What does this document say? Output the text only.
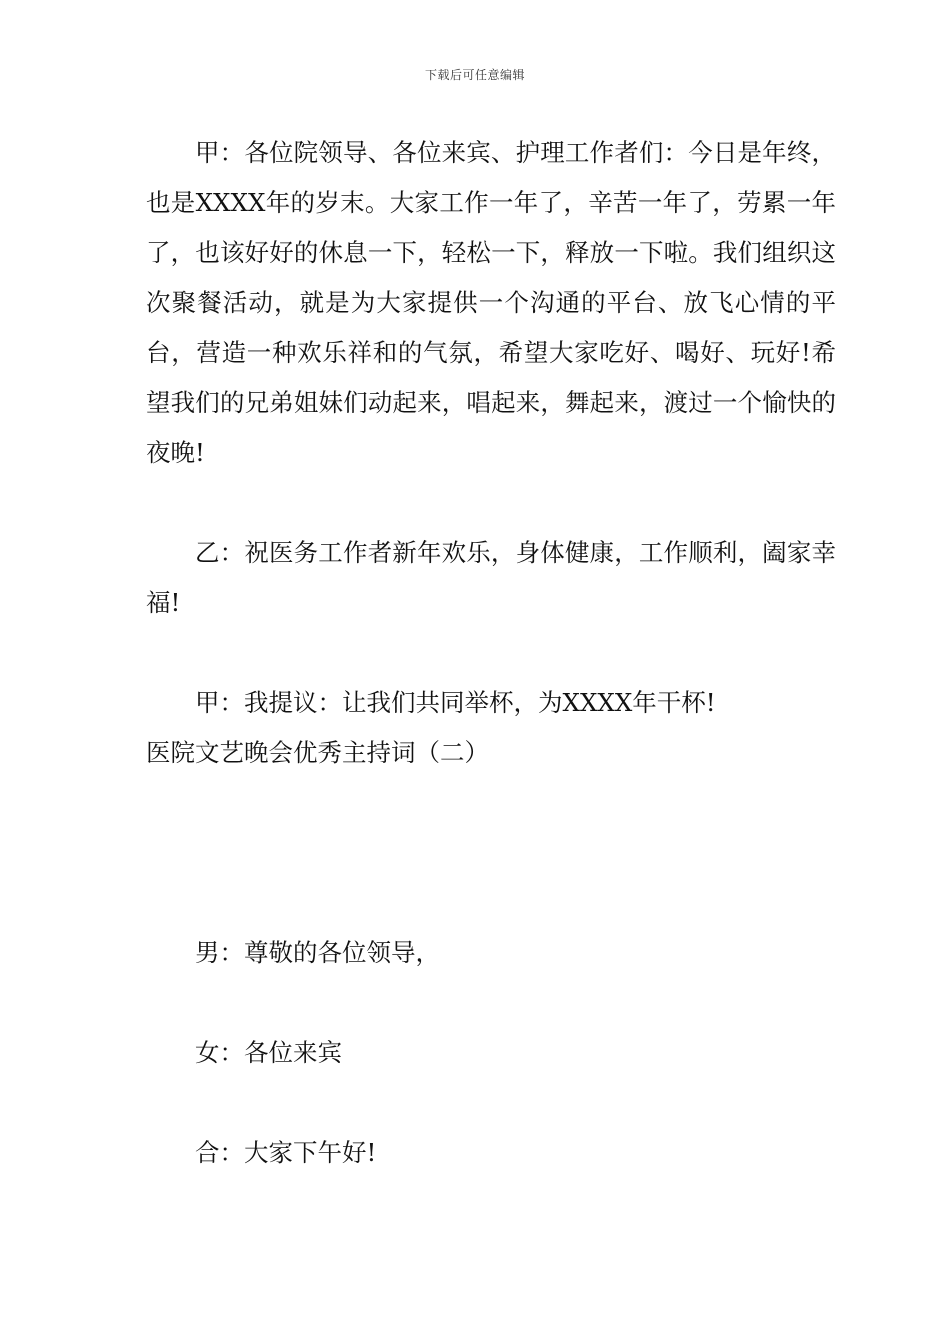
下载后可任意编辑

甲：各位院领导、各位来宾、护理工作者们：今日是年终，也是XXXX年的岁末。大家工作一年了，辛苦一年了，劳累一年了，也该好好的休息一下，轻松一下，释放一下啦。我们组织这次聚餐活动，就是为大家提供一个沟通的平台、放飞心情的平台，营造一种欢乐祥和的气氛，希望大家吃好、喝好、玩好!希望我们的兄弟姐妹们动起来，唱起来，舞起来，渡过一个愉快的夜晚!

乙：祝医务工作者新年欢乐，身体健康，工作顺利，阖家幸福!

甲：我提议：让我们共同举杯，为XXXX年干杯!

医院文艺晚会优秀主持词（二）

男：尊敬的各位领导，

女：各位来宾

合：大家下午好!
